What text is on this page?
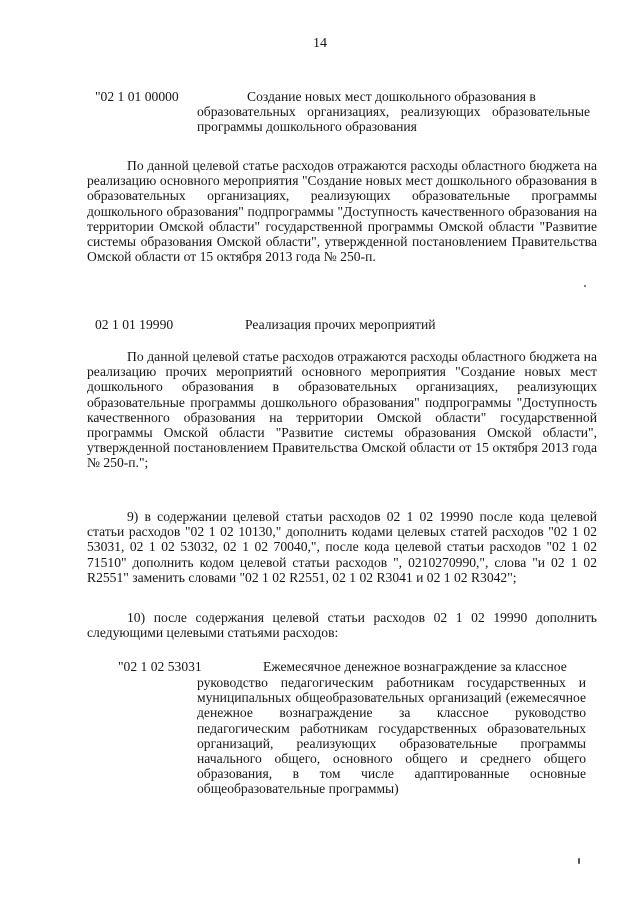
14
"02 1 01 00000	Создание новых мест дошкольного образования в
образовательных организациях, реализующих образовательные программы дошкольного образования
По данной целевой статье расходов отражаются расходы областного бюджета на реализацию основного мероприятия "Создание новых мест дошкольного образования в образовательных организациях, реализующих образовательные программы дошкольного образования" подпрограммы "Доступность качественного образования на территории Омской области" государственной программы Омской области "Развитие системы образования Омской области", утвержденной постановлением Правительства Омской области от 15 октября 2013 года № 250-п.
02 1 01 19990	Реализация прочих мероприятий
По данной целевой статье расходов отражаются расходы областного бюджета на реализацию прочих мероприятий основного мероприятия "Создание новых мест дошкольного образования в образовательных организациях, реализующих образовательные программы дошкольного образования" подпрограммы "Доступность качественного образования на территории Омской области" государственной программы Омской области "Развитие системы образования Омской области", утвержденной постановлением Правительства Омской области от 15 октября 2013 года № 250-п.";
9) в содержании целевой статьи расходов 02 1 02 19990 после кода целевой статьи расходов "02 1 02 10130," дополнить кодами целевых статей расходов "02 1 02 53031, 02 1 02 53032, 02 1 02 70040,", после кода целевой статьи расходов "02 1 02 71510" дополнить кодом целевой статьи расходов ", 0210270990,", слова "и 02 1 02 R2551" заменить словами "02 1 02 R2551, 02 1 02 R3041 и 02 1 02 R3042";
10) после содержания целевой статьи расходов 02 1 02 19990 дополнить следующими целевыми статьями расходов:
"02 1 02 53031	Ежемесячное денежное вознаграждение за классное
руководство педагогическим работникам государственных и муниципальных общеобразовательных организаций (ежемесячное денежное вознаграждение за классное руководство педагогическим работникам государственных образовательных организаций, реализующих образовательные программы начального общего, основного общего и среднего общего образования, в том числе адаптированные основные общеобразовательные программы)
